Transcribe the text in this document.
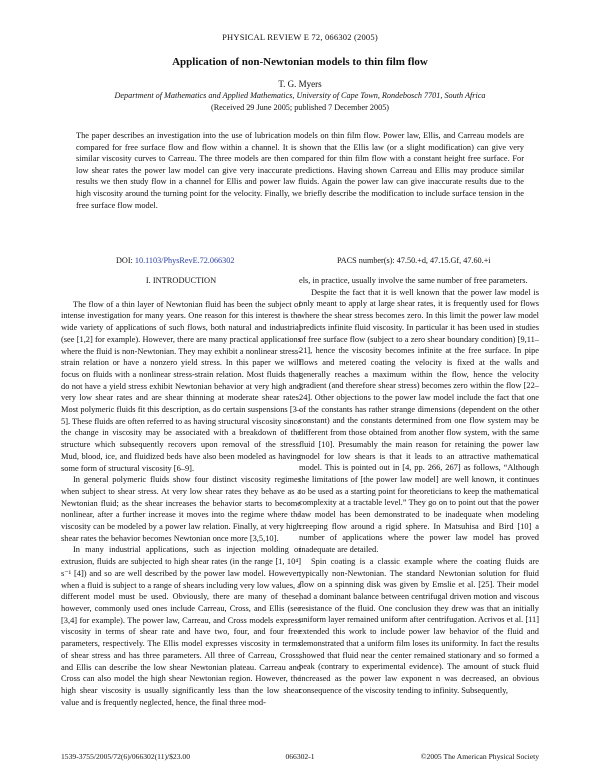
PHYSICAL REVIEW E 72, 066302 (2005)
Application of non-Newtonian models to thin film flow
T. G. Myers
Department of Mathematics and Applied Mathematics, University of Cape Town, Rondebosch 7701, South Africa
(Received 29 June 2005; published 7 December 2005)

The paper describes an investigation into the use of lubrication models on thin film flow. Power law, Ellis, and Carreau models are compared for free surface flow and flow within a channel. It is shown that the Ellis law (or a slight modification) can give very similar viscosity curves to Carreau. The three models are then compared for thin film flow with a constant height free surface. For low shear rates the power law model can give very inaccurate predictions. Having shown Carreau and Ellis may produce similar results we then study flow in a channel for Ellis and power law fluids. Again the power law can give inaccurate results due to the high viscosity around the turning point for the velocity. Finally, we briefly describe the modification to include surface tension in the free surface flow model.

DOI: 10.1103/PhysRevE.72.066302	PACS number(s): 47.50.+d, 47.15.Gf, 47.60.+i

I. INTRODUCTION

The flow of a thin layer of Newtonian fluid has been the subject of intense investigation for many years. One reason for this interest is the wide variety of applications of such flows, both natural and industrial (see [1,2] for example). However, there are many practical applications where the fluid is non-Newtonian. They may exhibit a nonlinear stress-strain relation or have a nonzero yield stress. In this paper we will focus on fluids with a nonlinear stress-strain relation. Most fluids that do not have a yield stress exhibit Newtonian behavior at very high and very low shear rates and are shear thinning at moderate shear rates. Most polymeric fluids fit this description, as do certain suspensions [3–5]. These fluids are often referred to as having structural viscosity since the change in viscosity may be associated with a breakdown of the structure which subsequently recovers upon removal of the stress. Mud, blood, ice, and fluidized beds have also been modeled as having some form of structural viscosity [6–9].

In general polymeric fluids show four distinct viscosity regimes when subject to shear stress. At very low shear rates they behave as a Newtonian fluid; as the shear increases the behavior starts to become nonlinear, after a further increase it moves into the regime where the viscosity can be modeled by a power law relation. Finally, at very high shear rates the behavior becomes Newtonian once more [3,5,10].

In many industrial applications, such as injection molding or extrusion, fluids are subjected to high shear rates (in the range [1, 10⁴] s⁻¹ [4]) and so are well described by the power law model. However, when a fluid is subject to a range of shears including very low values, a different model must be used. Obviously, there are many of these, however, commonly used ones include Carreau, Cross, and Ellis (see [3,4] for example). The power law, Carreau, and Cross models express viscosity in terms of shear rate and have two, four, and four free parameters, respectively. The Ellis model expresses viscosity in terms of shear stress and has three parameters. All three of Carreau, Cross, and Ellis can describe the low shear Newtonian plateau. Carreau and Cross can also model the high shear Newtonian region. However, the high shear viscosity is usually significantly less than the low shear value and is frequently neglected, hence, the final three mod-

els, in practice, usually involve the same number of free parameters.

Despite the fact that it is well known that the power law model is only meant to apply at large shear rates, it is frequently used for flows where the shear stress becomes zero. In this limit the power law model predicts infinite fluid viscosity. In particular it has been used in studies of free surface flow (subject to a zero shear boundary condition) [9,11–21], hence the viscosity becomes infinite at the free surface. In pipe flows and metered coating the velocity is fixed at the walls and generally reaches a maximum within the flow, hence the velocity gradient (and therefore shear stress) becomes zero within the flow [22–24]. Other objections to the power law model include the fact that one of the constants has rather strange dimensions (dependent on the other constant) and the constants determined from one flow system may be different from those obtained from another flow system, with the same fluid [10]. Presumably the main reason for retaining the power law model for low shears is that it leads to an attractive mathematical model. This is pointed out in [4, pp. 266, 267] as follows, “Although the limitations of [the power law model] are well known, it continues to be used as a starting point for theoreticians to keep the mathematical complexity at a tractable level.” They go on to point out that the power law model has been demonstrated to be inadequate when modeling creeping flow around a rigid sphere. In Matsuhisa and Bird [10] a number of applications where the power law model has proved inadequate are detailed.

Spin coating is a classic example where the coating fluids are typically non-Newtonian. The standard Newtonian solution for fluid flow on a spinning disk was given by Emslie et al. [25]. Their model had a dominant balance between centrifugal driven motion and viscous resistance of the fluid. One conclusion they drew was that an initially uniform layer remained uniform after centrifugation. Acrivos et al. [11] extended this work to include power law behavior of the fluid and demonstrated that a uniform film loses its uniformity. In fact the results showed that fluid near the center remained stationary and so formed a peak (contrary to experimental evidence). The amount of stuck fluid increased as the power law exponent n was decreased, an obvious consequence of the viscosity tending to infinity. Subsequently,

1539-3755/2005/72(6)/066302(11)/$23.00	066302-1	©2005 The American Physical Society
